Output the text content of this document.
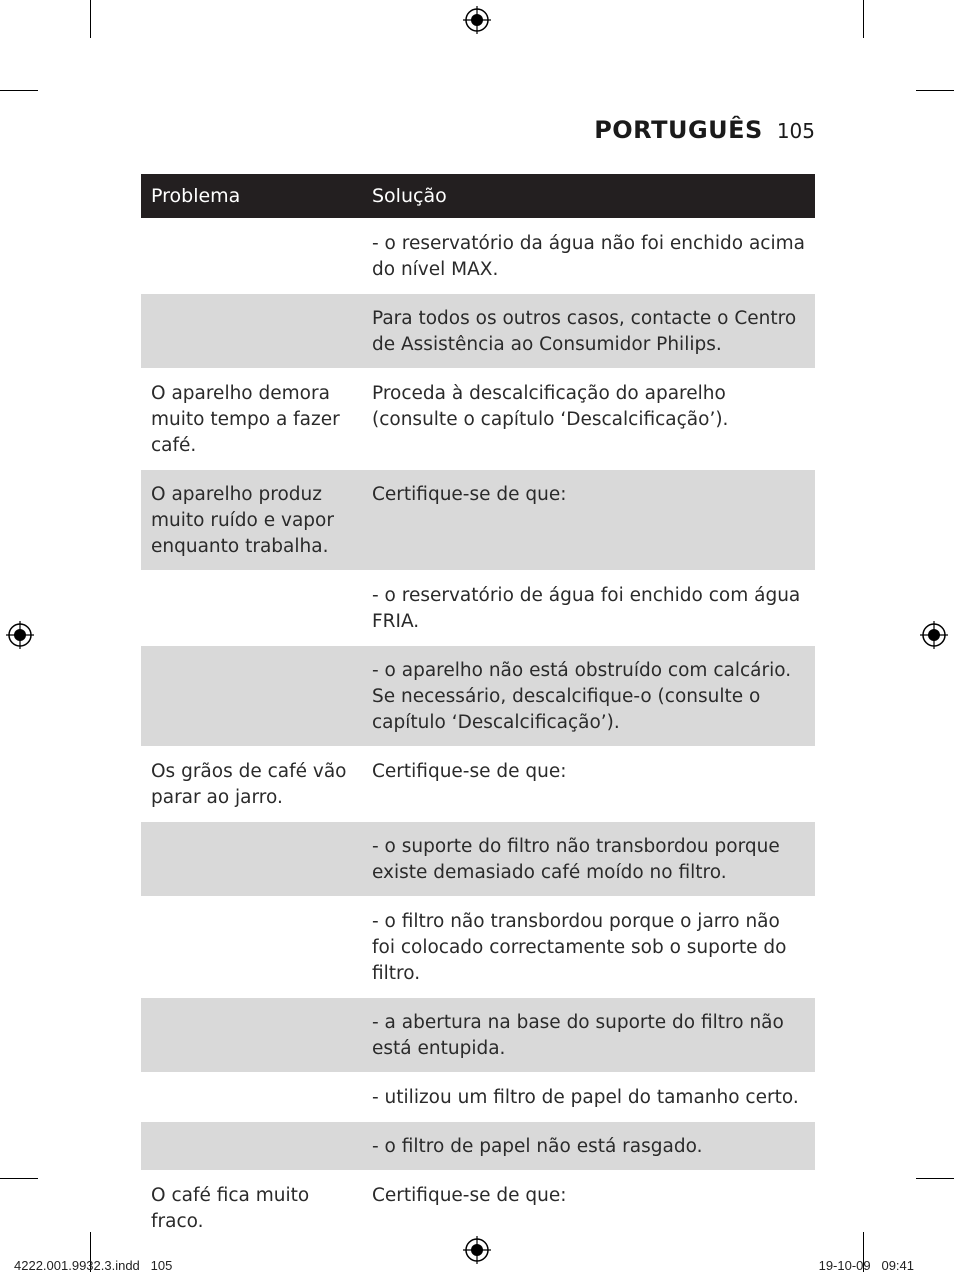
PORTUGUÊS 105
Problema	Solução
	- o reservatório da água não foi enchido acima do nível MAX.
	Para todos os outros casos, contacte o Centro de Assistência ao Consumidor Philips.
O aparelho demora muito tempo a fazer café.	Proceda à descalcificação do aparelho (consulte o capítulo ‘Descalcificação’).
O aparelho produz muito ruído e vapor enquanto trabalha.	Certifique-se de que:
	- o reservatório de água foi enchido com água FRIA.
	- o aparelho não está obstruído com calcário. Se necessário, descalcifique-o (consulte o capítulo ‘Descalcificação’).
Os grãos de café vão parar ao jarro.	Certifique-se de que:
	- o suporte do filtro não transbordou porque existe demasiado café moído no filtro.
	- o filtro não transbordou porque o jarro não foi colocado correctamente sob o suporte do filtro.
	- a abertura na base do suporte do filtro não está entupida.
	- utilizou um filtro de papel do tamanho certo.
	- o filtro de papel não está rasgado.
O café fica muito fraco.	Certifique-se de que:
4222.001.9932.3.indd   105	19-10-09   09:41
